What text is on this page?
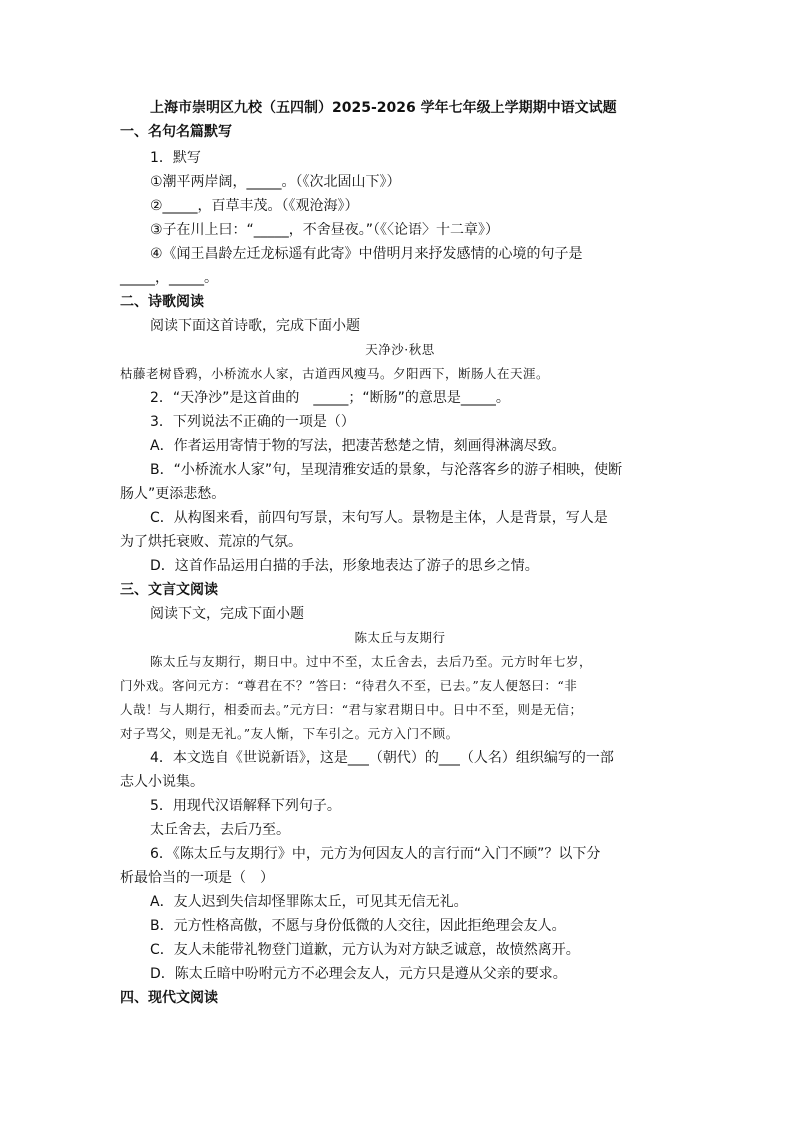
上海市崇明区九校（五四制）2025-2026 学年七年级上学期期中语文试题
一、名句名篇默写
1．默写
①潮平两岸阔，_____。（《次北固山下》）
②_____，百草丰茂。（《观沧海》）
③子在川上曰：“_____，不舍昼夜。”（《〈论语〉十二章》）
④《闻王昌龄左迁龙标遥有此寄》中借明月来抒发感情的心境的句子是
_____，_____。
二、诗歌阅读
阅读下面这首诗歌，完成下面小题
天净沙·秋思
枯藤老树昏鸦，小桥流水人家，古道西风瘦马。夕阳西下，断肠人在天涯。
2．“天净沙”是这首曲的　_____；“断肠”的意思是_____。
3．下列说法不正确的一项是（）
A．作者运用寄情于物的写法，把凄苦愁楚之情，刻画得淋漓尽致。
B．“小桥流水人家”句，呈现清雅安适的景象，与沦落客乡的游子相映，使断
肠人”更添悲愁。
C．从构图来看，前四句写景，末句写人。景物是主体，人是背景，写人是
为了烘托衰败、荒凉的气氛。
D．这首作品运用白描的手法，形象地表达了游子的思乡之情。
三、文言文阅读
阅读下文，完成下面小题
陈太丘与友期行
陈太丘与友期行，期日中。过中不至，太丘舍去，去后乃至。元方时年七岁，
门外戏。客问元方：“尊君在不？”答曰：“待君久不至，已去。”友人便怒曰：“非
人哉！与人期行，相委而去。”元方曰：“君与家君期日中。日中不至，则是无信；
对子骂父，则是无礼。”友人惭，下车引之。元方入门不顾。
4．本文选自《世说新语》，这是___（朝代）的___（人名）组织编写的一部
志人小说集。
5．用现代汉语解释下列句子。
太丘舍去，去后乃至。
6．《陈太丘与友期行》中，元方为何因友人的言行而“入门不顾”？以下分
析最恰当的一项是（　）
A．友人迟到失信却怪罪陈太丘，可见其无信无礼。
B．元方性格高傲，不愿与身份低微的人交往，因此拒绝理会友人。
C．友人未能带礼物登门道歉，元方认为对方缺乏诚意，故愤然离开。
D．陈太丘暗中吩咐元方不必理会友人，元方只是遵从父亲的要求。
四、现代文阅读
